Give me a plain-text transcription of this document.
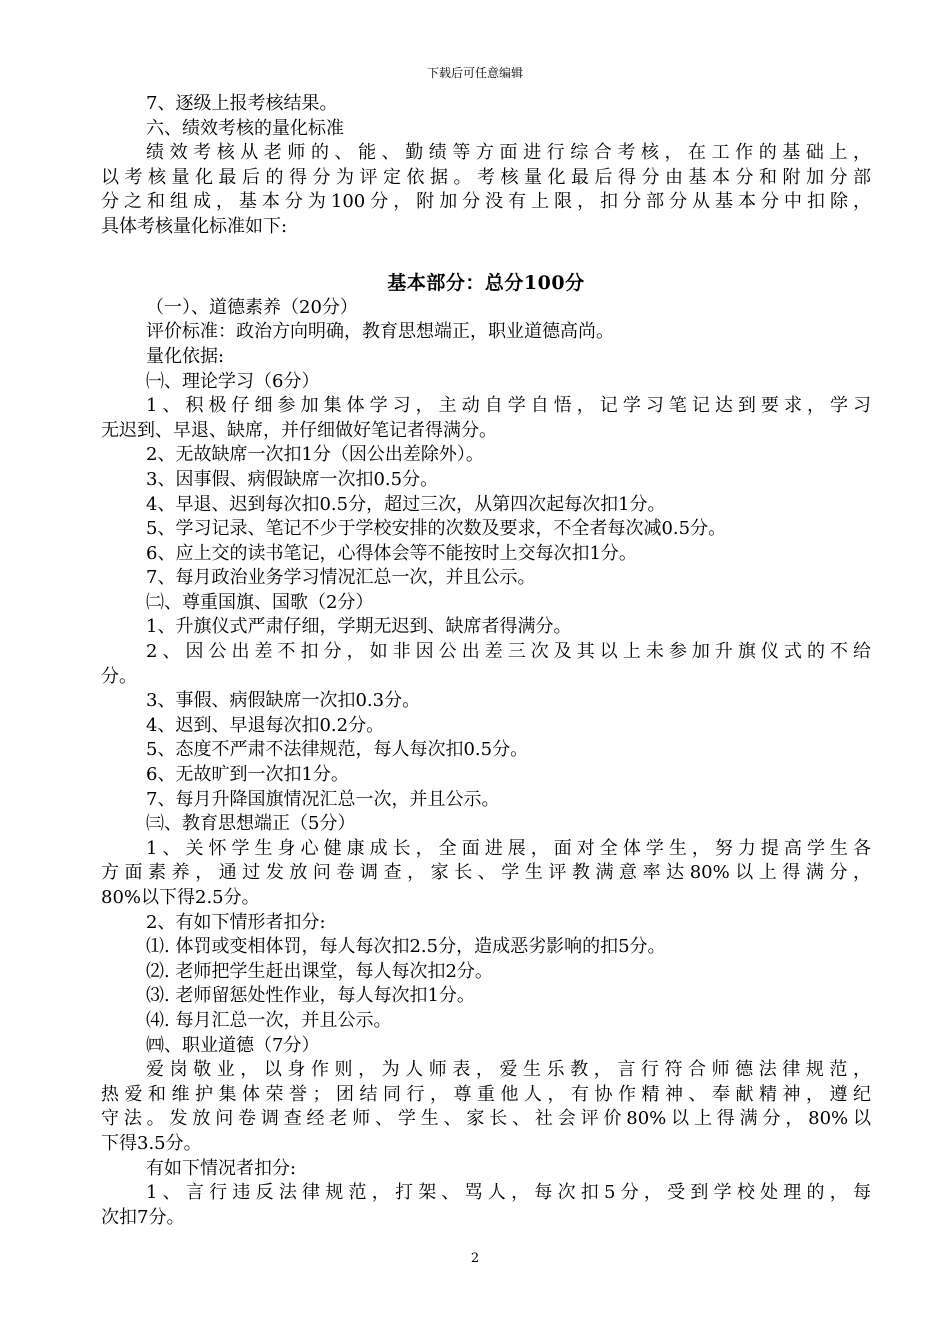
下载后可任意编辑
7、逐级上报考核结果。
六、绩效考核的量化标准
绩效考核从老师的、能、勤绩等方面进行综合考核，在工作的基础上，
以考核量化最后的得分为评定依据。考核量化最后得分由基本分和附加分部
分之和组成，基本分为100分，附加分没有上限，扣分部分从基本分中扣除，
具体考核量化标准如下:
基本部分：总分100分
（一）、道德素养（20分）
评价标准：政治方向明确，教育思想端正，职业道德高尚。
量化依据:
㈠、理论学习（6分）
1、积极仔细参加集体学习，主动自学自悟，记学习笔记达到要求，学习
无迟到、早退、缺席，并仔细做好笔记者得满分。
2、无故缺席一次扣1分（因公出差除外）。
3、因事假、病假缺席一次扣0.5分。
4、早退、迟到每次扣0.5分，超过三次，从第四次起每次扣1分。
5、学习记录、笔记不少于学校安排的次数及要求，不全者每次减0.5分。
6、应上交的读书笔记，心得体会等不能按时上交每次扣1分。
7、每月政治业务学习情况汇总一次，并且公示。
㈡、尊重国旗、国歌（2分）
1、升旗仪式严肃仔细，学期无迟到、缺席者得满分。
2、因公出差不扣分，如非因公出差三次及其以上未参加升旗仪式的不给
分。
3、事假、病假缺席一次扣0.3分。
4、迟到、早退每次扣0.2分。
5、态度不严肃不法律规范，每人每次扣0.5分。
6、无故旷到一次扣1分。
7、每月升降国旗情况汇总一次，并且公示。
㈢、教育思想端正（5分）
1、关怀学生身心健康成长，全面进展，面对全体学生，努力提高学生各
方面素养，通过发放问卷调查，家长、学生评教满意率达80%以上得满分，
80%以下得2.5分。
2、有如下情形者扣分:
⑴. 体罚或变相体罚，每人每次扣2.5分，造成恶劣影响的扣5分。
⑵. 老师把学生赶出课堂，每人每次扣2分。
⑶. 老师留惩处性作业，每人每次扣1分。
⑷. 每月汇总一次，并且公示。
㈣、职业道德（7分）
爱岗敬业，以身作则，为人师表，爱生乐教，言行符合师德法律规范，
热爱和维护集体荣誉；团结同行，尊重他人，有协作精神、奉献精神，遵纪
守法。发放问卷调查经老师、学生、家长、社会评价80%以上得满分，80%以
下得3.5分。
有如下情况者扣分:
1、言行违反法律规范，打架、骂人，每次扣5分，受到学校处理的，每
次扣7分。
2
